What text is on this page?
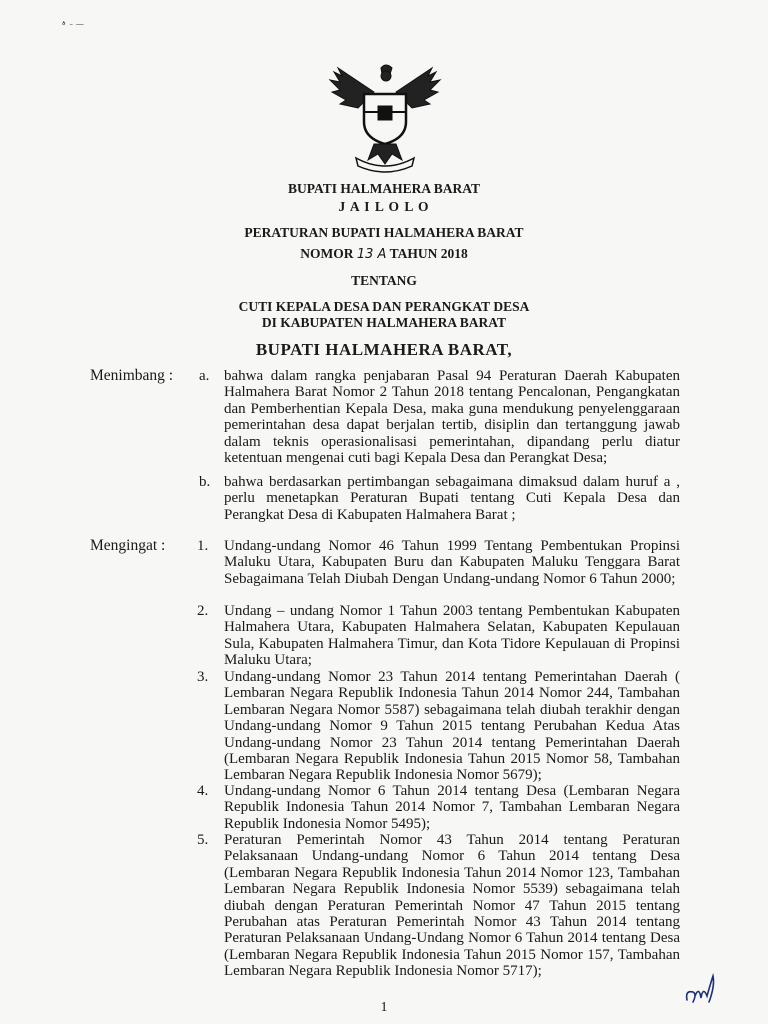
ـــ ۔ ﮦ
BUPATI HALMAHERA BARAT
J A I L O L O
PERATURAN BUPATI HALMAHERA BARAT
NOMOR 13 A TAHUN 2018
TENTANG
CUTI KEPALA DESA DAN PERANGKAT DESA
DI KABUPATEN HALMAHERA BARAT
BUPATI HALMAHERA BARAT,
Menimbang : a. bahwa dalam rangka penjabaran Pasal 94 Peraturan Daerah Kabupaten Halmahera Barat Nomor 2 Tahun 2018 tentang Pencalonan, Pengangkatan dan Pemberhentian Kepala Desa, maka guna mendukung penyelenggaraan pemerintahan desa dapat berjalan tertib, disiplin dan tertanggung jawab dalam teknis operasionalisasi pemerintahan, dipandang perlu diatur ketentuan mengenai cuti bagi Kepala Desa dan Perangkat Desa;
b. bahwa berdasarkan pertimbangan sebagaimana dimaksud dalam huruf a , perlu menetapkan Peraturan Bupati tentang Cuti Kepala Desa dan Perangkat Desa di Kabupaten Halmahera Barat ;
Mengingat : 1. Undang-undang Nomor 46 Tahun 1999 Tentang Pembentukan Propinsi Maluku Utara, Kabupaten Buru dan Kabupaten Maluku Tenggara Barat Sebagaimana Telah Diubah Dengan Undang-undang Nomor 6 Tahun 2000;
2. Undang – undang Nomor 1 Tahun 2003 tentang Pembentukan Kabupaten Halmahera Utara, Kabupaten Halmahera Selatan, Kabupaten Kepulauan Sula, Kabupaten Halmahera Timur, dan Kota Tidore Kepulauan di Propinsi Maluku Utara;
3. Undang-undang Nomor 23 Tahun 2014 tentang Pemerintahan Daerah ( Lembaran Negara Republik Indonesia Tahun 2014 Nomor 244, Tambahan Lembaran Negara Nomor 5587) sebagaimana telah diubah terakhir dengan Undang-undang Nomor 9 Tahun 2015 tentang Perubahan Kedua Atas Undang-undang Nomor 23 Tahun 2014 tentang Pemerintahan Daerah (Lembaran Negara Republik Indonesia Tahun 2015 Nomor 58, Tambahan Lembaran Negara Republik Indonesia Nomor 5679);
4. Undang-undang Nomor 6 Tahun 2014 tentang Desa (Lembaran Negara Republik Indonesia Tahun 2014 Nomor 7, Tambahan Lembaran Negara Republik Indonesia Nomor 5495);
5. Peraturan Pemerintah Nomor 43 Tahun 2014 tentang Peraturan Pelaksanaan Undang-undang Nomor 6 Tahun 2014 tentang Desa (Lembaran Negara Republik Indonesia Tahun 2014 Nomor 123, Tambahan Lembaran Negara Republik Indonesia Nomor 5539) sebagaimana telah diubah dengan Peraturan Pemerintah Nomor 47 Tahun 2015 tentang Perubahan atas Peraturan Pemerintah Nomor 43 Tahun 2014 tentang Peraturan Pelaksanaan Undang-Undang Nomor 6 Tahun 2014 tentang Desa (Lembaran Negara Republik Indonesia Tahun 2015 Nomor 157, Tambahan Lembaran Negara Republik Indonesia Nomor 5717);
1
